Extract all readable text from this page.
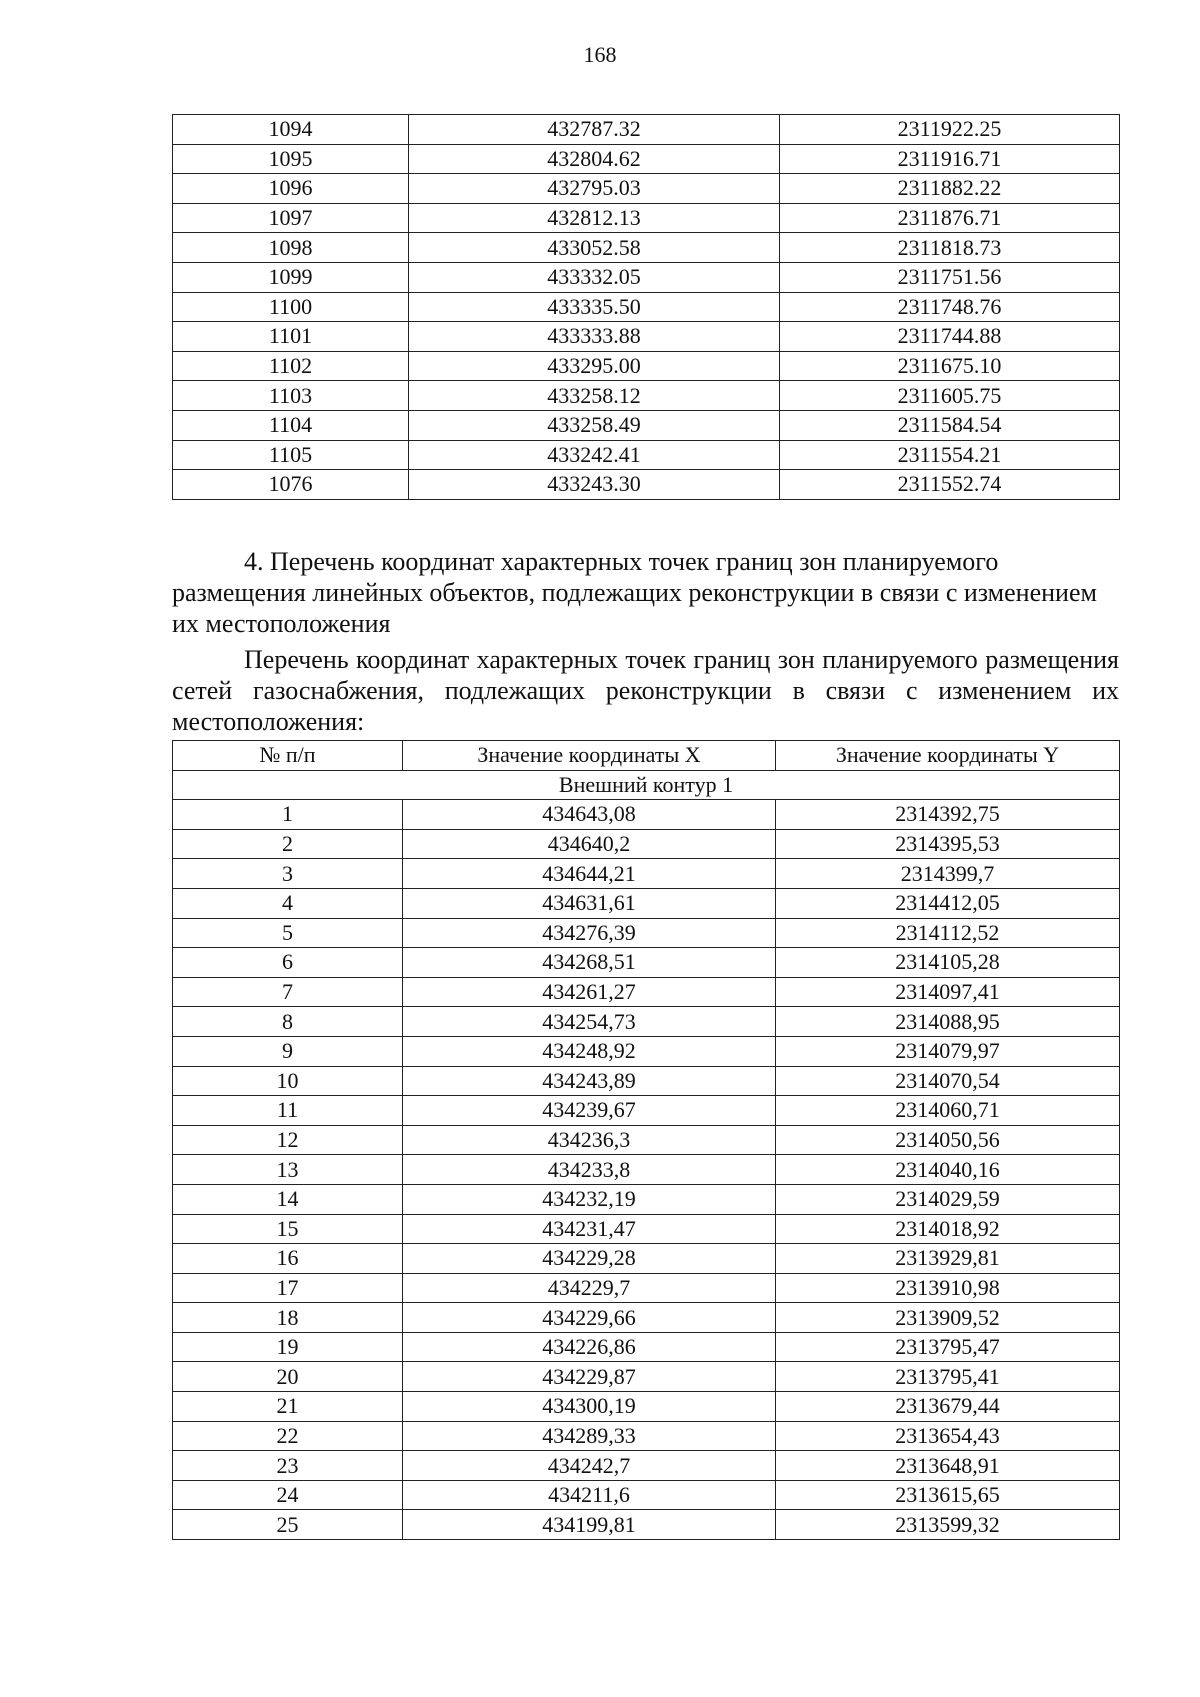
168
1094	432787.32	2311922.25
1095	432804.62	2311916.71
1096	432795.03	2311882.22
1097	432812.13	2311876.71
1098	433052.58	2311818.73
1099	433332.05	2311751.56
1100	433335.50	2311748.76
1101	433333.88	2311744.88
1102	433295.00	2311675.10
1103	433258.12	2311605.75
1104	433258.49	2311584.54
1105	433242.41	2311554.21
1076	433243.30	2311552.74
4. Перечень координат характерных точек границ зон планируемого размещения линейных объектов, подлежащих реконструкции в связи с изменением их местоположения
Перечень координат характерных точек границ зон планируемого размещения сетей газоснабжения, подлежащих реконструкции в связи с изменением их местоположения:
№ п/п	Значение координаты X	Значение координаты Y
Внешний контур 1		
1	434643,08	2314392,75
2	434640,2	2314395,53
3	434644,21	2314399,7
4	434631,61	2314412,05
5	434276,39	2314112,52
6	434268,51	2314105,28
7	434261,27	2314097,41
8	434254,73	2314088,95
9	434248,92	2314079,97
10	434243,89	2314070,54
11	434239,67	2314060,71
12	434236,3	2314050,56
13	434233,8	2314040,16
14	434232,19	2314029,59
15	434231,47	2314018,92
16	434229,28	2313929,81
17	434229,7	2313910,98
18	434229,66	2313909,52
19	434226,86	2313795,47
20	434229,87	2313795,41
21	434300,19	2313679,44
22	434289,33	2313654,43
23	434242,7	2313648,91
24	434211,6	2313615,65
25	434199,81	2313599,32
